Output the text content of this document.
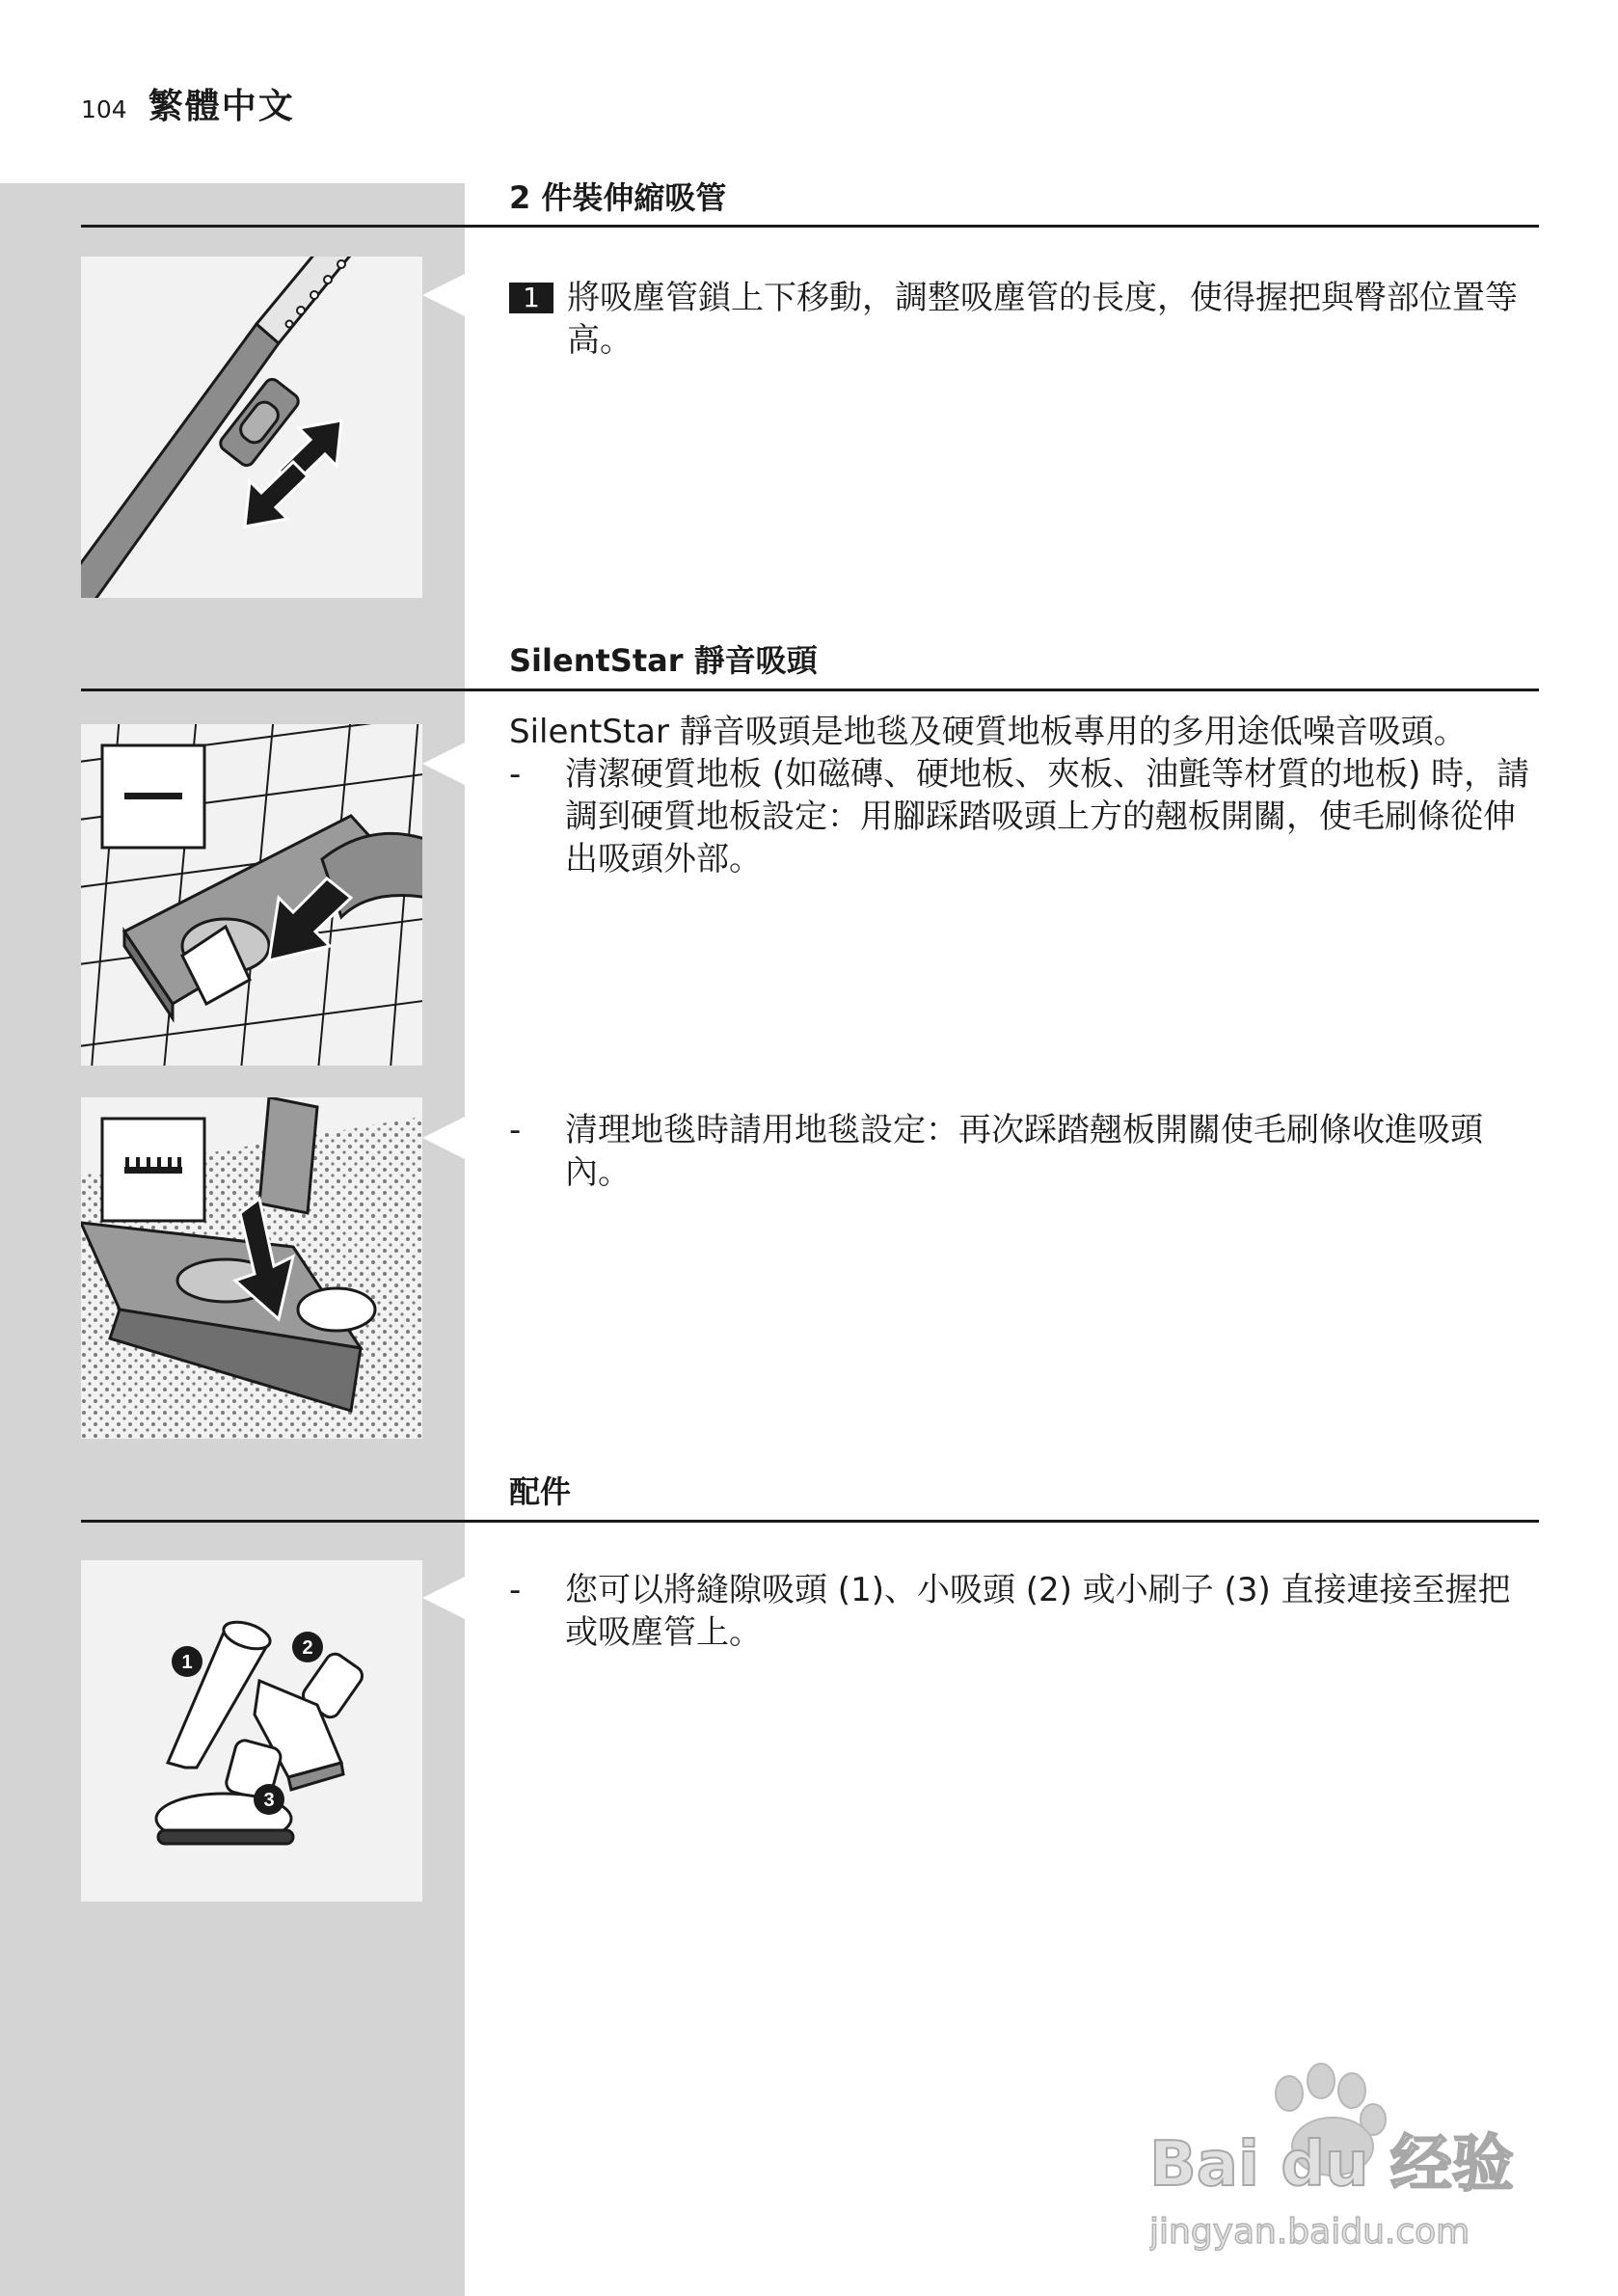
104 繁體中文
2 件裝伸縮吸管
1 將吸塵管鎖上下移動，調整吸塵管的長度，使得握把與臀部位置等高。
SilentStar 靜音吸頭
SilentStar 靜音吸頭是地毯及硬質地板專用的多用途低噪音吸頭。
-	清潔硬質地板 (如磁磚、硬地板、夾板、油氈等材質的地板) 時，請調到硬質地板設定：用腳踩踏吸頭上方的翹板開關，使毛刷條從伸出吸頭外部。
-	清理地毯時請用地毯設定：再次踩踏翹板開關使毛刷條收進吸頭內。
配件
1
2
3
-	您可以將縫隙吸頭 (1)、小吸頭 (2) 或小刷子 (3) 直接連接至握把或吸塵管上。
Bai du 经验
jingyan.baidu.com
